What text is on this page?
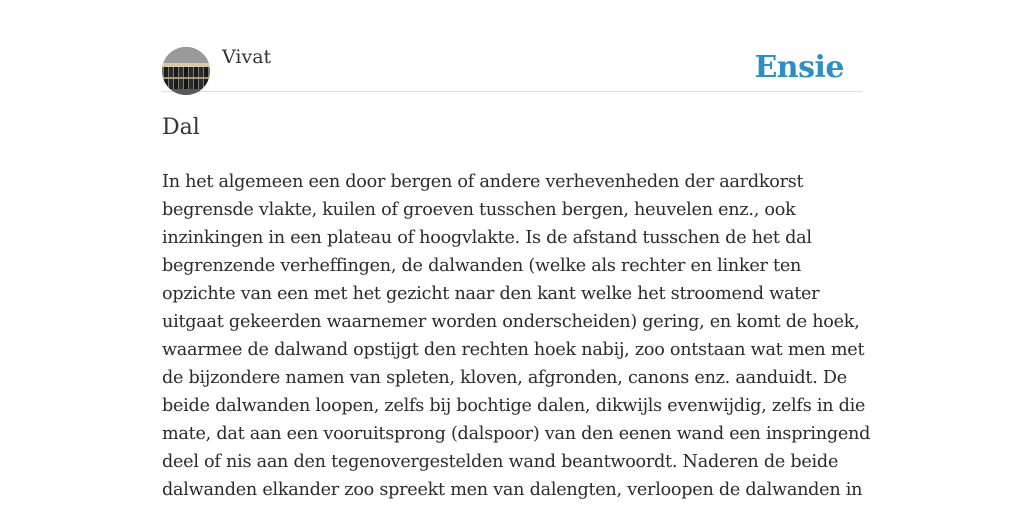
Vivat	Ensie
Dal

In het algemeen een door bergen of andere verhevenheden der aardkorst
begrensde vlakte, kuilen of groeven tusschen bergen, heuvelen enz., ook
inzinkingen in een plateau of hoogvlakte. Is de afstand tusschen de het dal
begrenzende verheffingen, de dalwanden (welke als rechter en linker ten
opzichte van een met het gezicht naar den kant welke het stroomend water
uitgaat gekeerden waarnemer worden onderscheiden) gering, en komt de hoek,
waarmee de dalwand opstijgt den rechten hoek nabij, zoo ontstaan wat men met
de bijzondere namen van spleten, kloven, afgronden, canons enz. aanduidt. De
beide dalwanden loopen, zelfs bij bochtige dalen, dikwijls evenwijdig, zelfs in die
mate, dat aan een vooruitsprong (dalspoor) van den eenen wand een inspringend
deel of nis aan den tegenovergestelden wand beantwoordt. Naderen de beide
dalwanden elkander zoo spreekt men van dalengten, verloopen de dalwanden in
